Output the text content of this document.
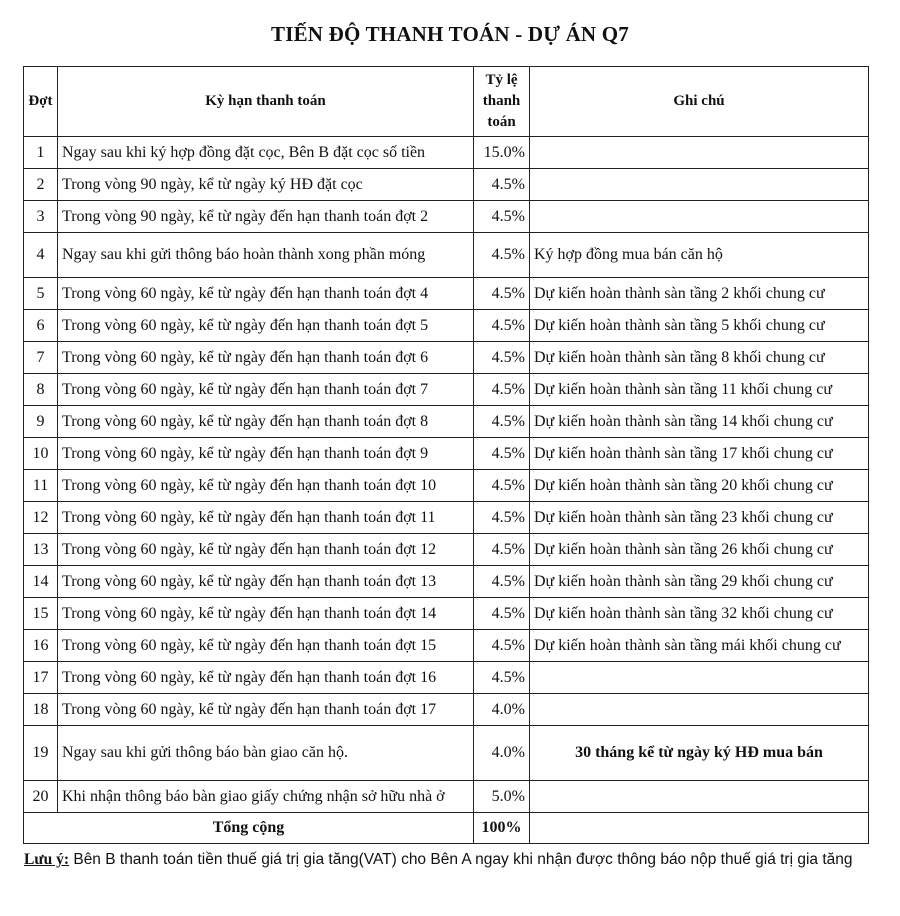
TIẾN ĐỘ THANH TOÁN - DỰ ÁN Q7
Đợt	Kỳ hạn thanh toán	Tỷ lệ
thanh
toán	Ghi chú
1	Ngay sau khi ký hợp đồng đặt cọc, Bên B đặt cọc số tiền	15.0%	
2	Trong vòng 90 ngày, kể từ ngày ký HĐ đặt cọc	4.5%	
3	Trong vòng 90 ngày, kể từ ngày đến hạn thanh toán đợt 2	4.5%	
4	Ngay sau khi gửi thông báo hoàn thành xong phần móng	4.5%	Ký hợp đồng mua bán căn hộ
5	Trong vòng 60 ngày, kể từ ngày đến hạn thanh toán đợt 4	4.5%	Dự kiến hoàn thành sàn tầng 2 khối chung cư
6	Trong vòng 60 ngày, kể từ ngày đến hạn thanh toán đợt 5	4.5%	Dự kiến hoàn thành sàn tầng 5 khối chung cư
7	Trong vòng 60 ngày, kể từ ngày đến hạn thanh toán đợt 6	4.5%	Dự kiến hoàn thành sàn tầng 8 khối chung cư
8	Trong vòng 60 ngày, kể từ ngày đến hạn thanh toán đợt 7	4.5%	Dự kiến hoàn thành sàn tầng 11 khối chung cư
9	Trong vòng 60 ngày, kể từ ngày đến hạn thanh toán đợt 8	4.5%	Dự kiến hoàn thành sàn tầng 14 khối chung cư
10	Trong vòng 60 ngày, kể từ ngày đến hạn thanh toán đợt 9	4.5%	Dự kiến hoàn thành sàn tầng 17 khối chung cư
11	Trong vòng 60 ngày, kể từ ngày đến hạn thanh toán đợt 10	4.5%	Dự kiến hoàn thành sàn tầng 20 khối chung cư
12	Trong vòng 60 ngày, kể từ ngày đến hạn thanh toán đợt 11	4.5%	Dự kiến hoàn thành sàn tầng 23 khối chung cư
13	Trong vòng 60 ngày, kể từ ngày đến hạn thanh toán đợt 12	4.5%	Dự kiến hoàn thành sàn tầng 26 khối chung cư
14	Trong vòng 60 ngày, kể từ ngày đến hạn thanh toán đợt 13	4.5%	Dự kiến hoàn thành sàn tầng 29 khối chung cư
15	Trong vòng 60 ngày, kể từ ngày đến hạn thanh toán đợt 14	4.5%	Dự kiến hoàn thành sàn tầng 32 khối chung cư
16	Trong vòng 60 ngày, kể từ ngày đến hạn thanh toán đợt 15	4.5%	Dự kiến hoàn thành sàn tầng mái khối chung cư
17	Trong vòng 60 ngày, kể từ ngày đến hạn thanh toán đợt 16	4.5%	
18	Trong vòng 60 ngày, kể từ ngày đến hạn thanh toán đợt 17	4.0%	
19	Ngay sau khi gửi thông báo bàn giao căn hộ.	4.0%	30 tháng kể từ ngày ký HĐ mua bán
20	Khi nhận thông báo bàn giao giấy chứng nhận sở hữu nhà ở	5.0%	
Tổng cộng		100%	
Lưu ý: Bên B thanh toán tiền thuế giá trị gia tăng(VAT) cho Bên A ngay khi nhận được thông báo nộp thuế giá trị gia tăng
